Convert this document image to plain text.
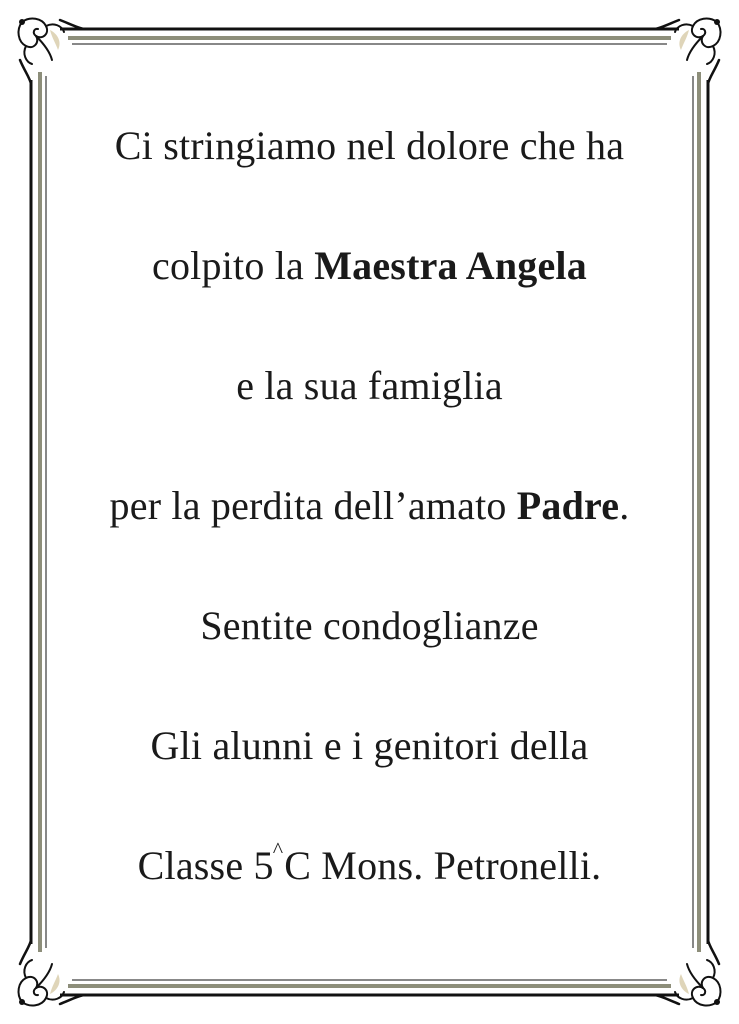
Ci stringiamo nel dolore che ha
colpito la Maestra Angela
e la sua famiglia
per la perdita dell’amato Padre.
Sentite condoglianze
Gli alunni e i genitori della
Classe 5^C Mons. Petronelli.
